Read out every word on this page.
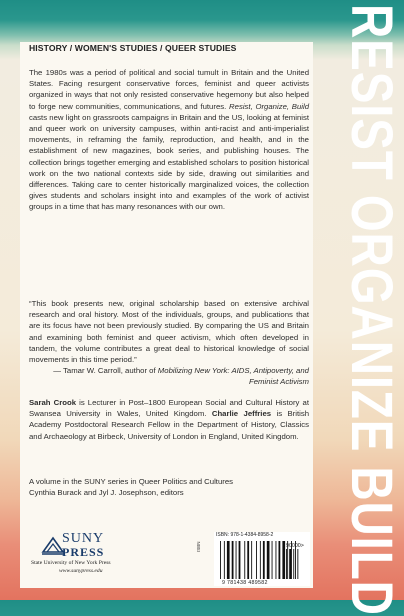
RESIST ORGANIZE BUILD
HISTORY / WOMEN'S STUDIES / QUEER STUDIES
The 1980s was a period of political and social tumult in Britain and the United States. Facing resurgent conservative forces, feminist and queer activists organized in ways that not only resisted conservative hegemony but also helped to forge new communities, communications, and futures. Resist, Organize, Build casts new light on grassroots campaigns in Britain and the US, looking at feminist and queer work on university campuses, within anti-racist and anti-imperialist movements, in reframing the family, reproduction, and health, and in the establishment of new magazines, book series, and publishing houses. The collection brings together emerging and established scholars to position historical work on the two national contexts side by side, drawing out similarities and differences. Taking care to center historically marginalized voices, the collection gives students and scholars insight into and examples of the work of activist groups in a time that has many resonances with our own.
“This book presents new, original scholarship based on extensive archival research and oral history. Most of the individuals, groups, and publications that are its focus have not been previously studied. By comparing the US and Britain and examining both feminist and queer activism, which often developed in tandem, the volume contributes a great deal to historical knowledge of social movements in this time period.”
— Tamar W. Carroll, author of Mobilizing New York: AIDS, Antipoverty, and Feminist Activism
Sarah Crook is Lecturer in Post–1800 European Social and Cultural History at Swansea University in Wales, United Kingdom. Charlie Jeffries is British Academy Postdoctoral Research Fellow in the Department of History, Classics and Archaeology at Birbeck, University of London in England, United Kingdom.
A volume in the SUNY series in Queer Politics and Cultures
Cynthia Burack and Jyl J. Josephson, editors
SUNY
PRESS
State University of New York Press
www.sunypress.edu
ISBN: 978-1-4384-8958-2
90000>
9 781438 489582
ISBN
